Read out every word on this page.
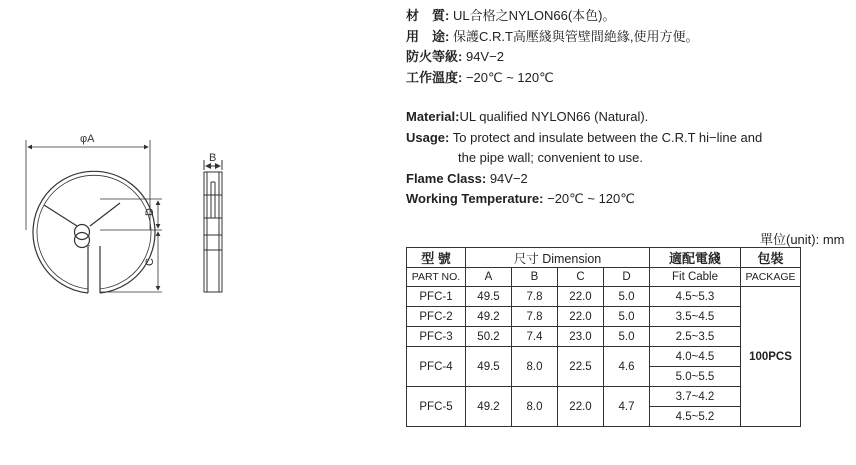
φA
D
C
B
材　質: UL合格之NYLON66(本色)。
用　途: 保護C.R.T高壓綫與管壁間絶緣,使用方便。
防火等級: 94V−2
工作溫度: −20℃ ~ 120℃
Material:UL qualified NYLON66 (Natural).
Usage: To protect and insulate between the C.R.T hi−line and
the pipe wall; convenient to use.
Flame Class: 94V−2
Working Temperature: −20℃ ~ 120℃
單位(unit): mm
型 號	尺寸 Dimension				適配電綫	包裝
PART NO.	A	B	C	D	Fit Cable	PACKAGE
PFC-1	49.5	7.8	22.0	5.0	4.5~5.3	100PCS
PFC-2	49.2	7.8	22.0	5.0	3.5~4.5	
PFC-3	50.2	7.4	23.0	5.0	2.5~3.5	
PFC-4	49.5	8.0	22.5	4.6	4.0~4.5	
					5.0~5.5	
PFC-5	49.2	8.0	22.0	4.7	3.7~4.2	
					4.5~5.2	
